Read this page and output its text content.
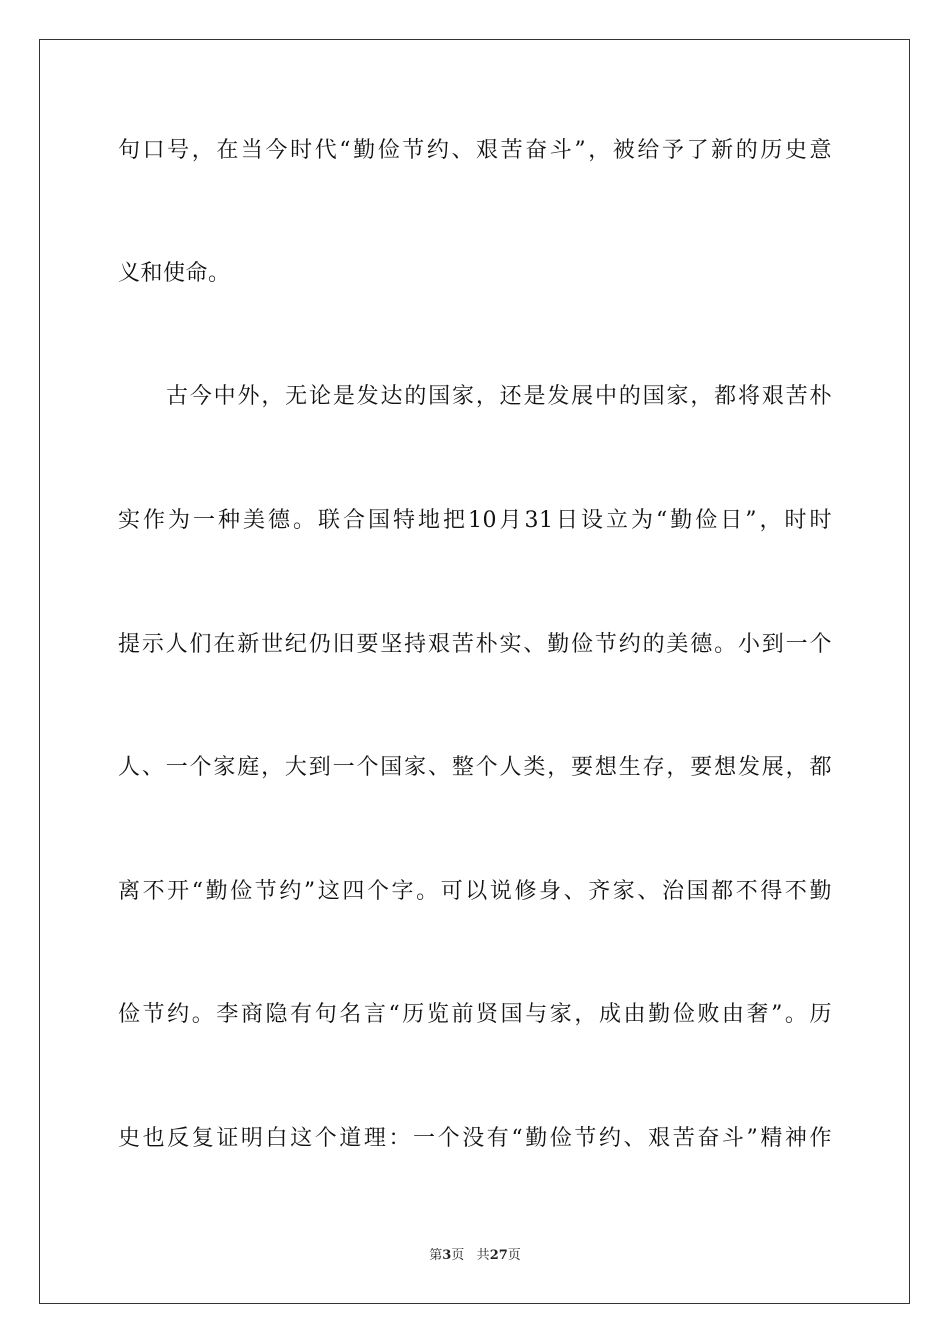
句口号，在当今时代“勤俭节约、艰苦奋斗”，被给予了新的历史意
义和使命。
古今中外，无论是发达的国家，还是发展中的国家，都将艰苦朴
实作为一种美德。联合国特地把10月31日设立为“勤俭日”，时时
提示人们在新世纪仍旧要坚持艰苦朴实、勤俭节约的美德。小到一个
人、一个家庭，大到一个国家、整个人类，要想生存，要想发展，都
离不开“勤俭节约”这四个字。可以说修身、齐家、治国都不得不勤
俭节约。李商隐有句名言“历览前贤国与家，成由勤俭败由奢”。历
史也反复证明白这个道理：一个没有“勤俭节约、艰苦奋斗”精神作
第3页 共27页
